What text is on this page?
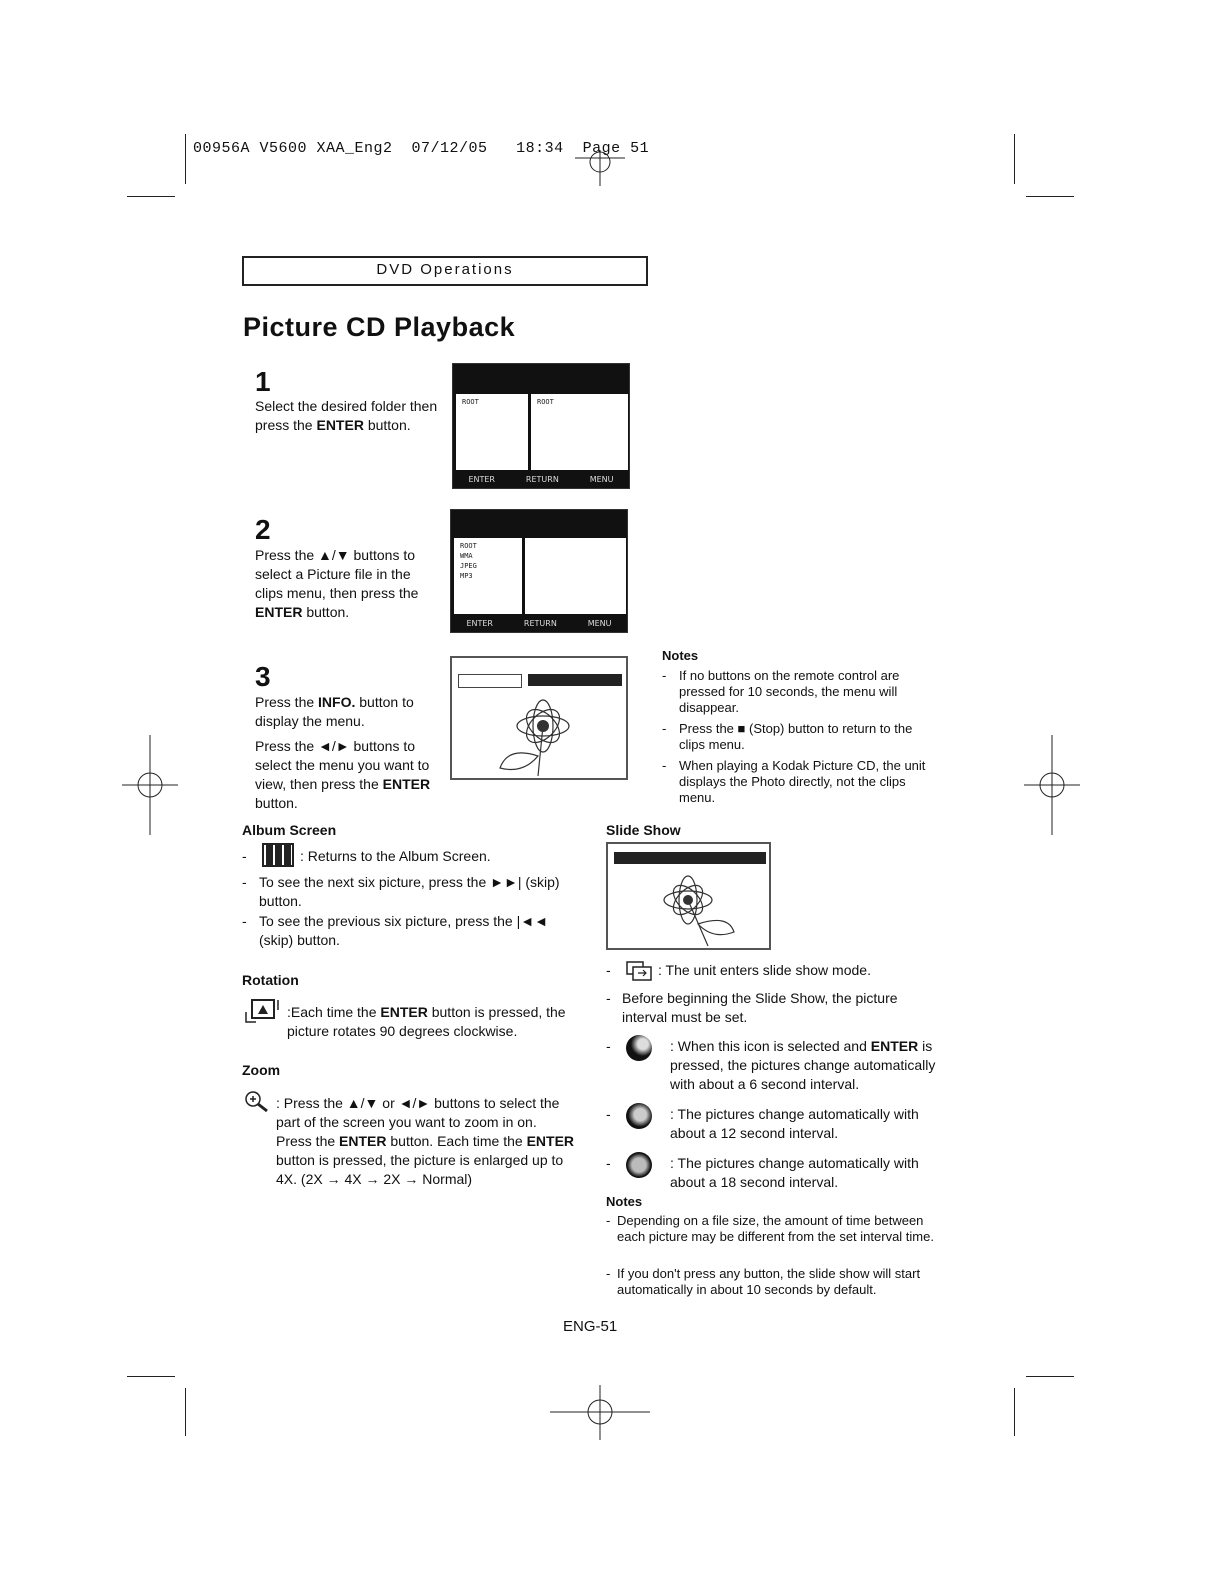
00956A V5600 XAA_Eng2 07/12/05 18:34 Page 51
DVD Operations
Picture CD Playback
1
Select the desired folder then press the ENTER button.
ROOT	ROOT
ENTER	RETURN	MENU
2
Press the ▲/▼ buttons to select a Picture file in the clips menu, then press the ENTER button.
ROOT
WMA
JPEG
MP3
ENTER	RETURN	MENU
3
Press the INFO. button to display the menu.
Press the ◄/► buttons to select the menu you want to view, then press the ENTER button.
Album Screen
-	: Returns to the Album Screen.
- To see the next six picture, press the ►►| (skip) button.
- To see the previous six picture, press the |◄◄ (skip) button.
Rotation
:Each time the ENTER button is pressed, the picture rotates 90 degrees clockwise.
Zoom
: Press the ▲/▼ or ◄/► buttons to select the part of the screen you want to zoom in on. Press the ENTER button. Each time the ENTER button is pressed, the picture is enlarged up to 4X. (2X → 4X → 2X → Normal)
Notes
- If no buttons on the remote control are pressed for 10 seconds, the menu will disappear.
- Press the ■ (Stop) button to return to the clips menu.
- When playing a Kodak Picture CD, the unit displays the Photo directly, not the clips menu.
Slide Show
-	: The unit enters slide show mode.
- Before beginning the Slide Show, the picture interval must be set.
-	: When this icon is selected and ENTER is pressed, the pictures change automatically with about a 6 second interval.
-	: The pictures change automatically with about a 12 second interval.
-	: The pictures change automatically with about a 18 second interval.
Notes
- Depending on a file size, the amount of time between each picture may be different from the set interval time.
- If you don't press any button, the slide show will start automatically in about 10 seconds by default.
ENG-51
